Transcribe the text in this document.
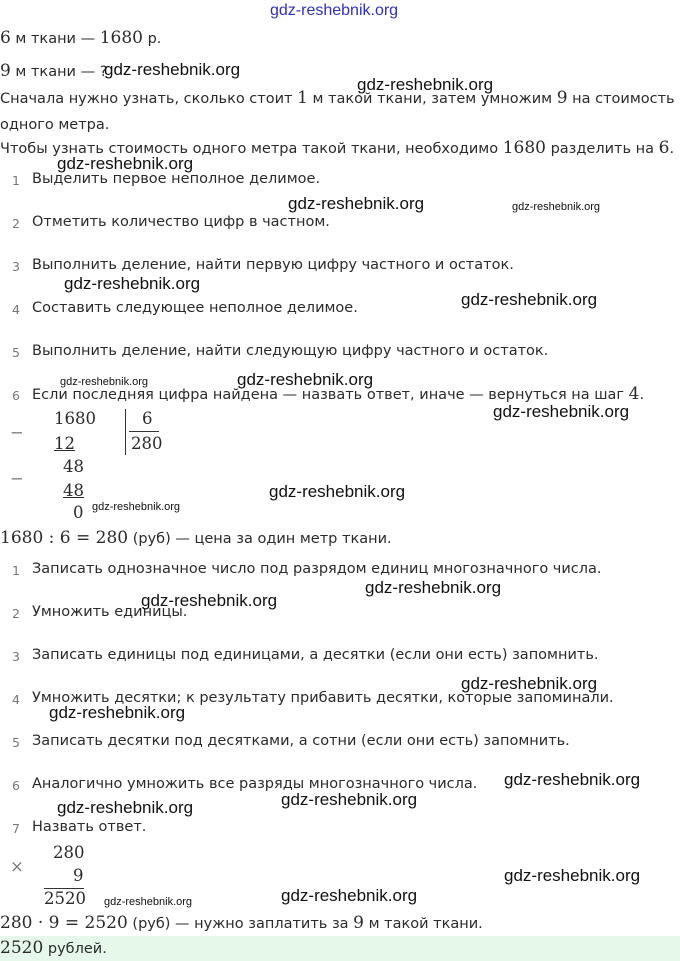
gdz-reshebnik.org
6 м ткани — 1680 р.
9 м ткани — ?
Сначала нужно узнать, сколько стоит 1 м такой ткани, затем умножим 9 на стоимость
одного метра.
Чтобы узнать стоимость одного метра такой ткани, необходимо 1680 разделить на 6.
1 Выделить первое неполное делимое.
2 Отметить количество цифр в частном.
3 Выполнить деление, найти первую цифру частного и остаток.
4 Составить следующее неполное делимое.
5 Выполнить деление, найти следующую цифру частного и остаток.
6 Если последняя цифра найдена — назвать ответ, иначе — вернуться на шаг 4.
−
1680	6
280
12
48
−
48
0
1680 : 6 = 280 (руб) — цена за один метр ткани.
1 Записать однозначное число под разрядом единиц многозначного числа.
2 Умножить единицы.
3 Записать единицы под единицами, а десятки (если они есть) запомнить.
4 Умножить десятки; к результату прибавить десятки, которые запоминали.
5 Записать десятки под десятками, а сотни (если они есть) запомнить.
6 Аналогично умножить все разряды многозначного числа.
7 Назвать ответ.
×
280
9
2520
280 · 9 = 2520 (руб) — нужно заплатить за 9 м такой ткани.
2520 рублей.
gdz-reshebnik.org
gdz-reshebnik.org
gdz-reshebnik.org
gdz-reshebnik.org	gdz-reshebnik.org
gdz-reshebnik.org
gdz-reshebnik.org
gdz-reshebnik.org	gdz-reshebnik.org
gdz-reshebnik.org
gdz-reshebnik.org
gdz-reshebnik.org
gdz-reshebnik.org
gdz-reshebnik.org
gdz-reshebnik.org
gdz-reshebnik.org
gdz-reshebnik.org
gdz-reshebnik.org
gdz-reshebnik.org
gdz-reshebnik.org
gdz-reshebnik.org
gdz-reshebnik.org
